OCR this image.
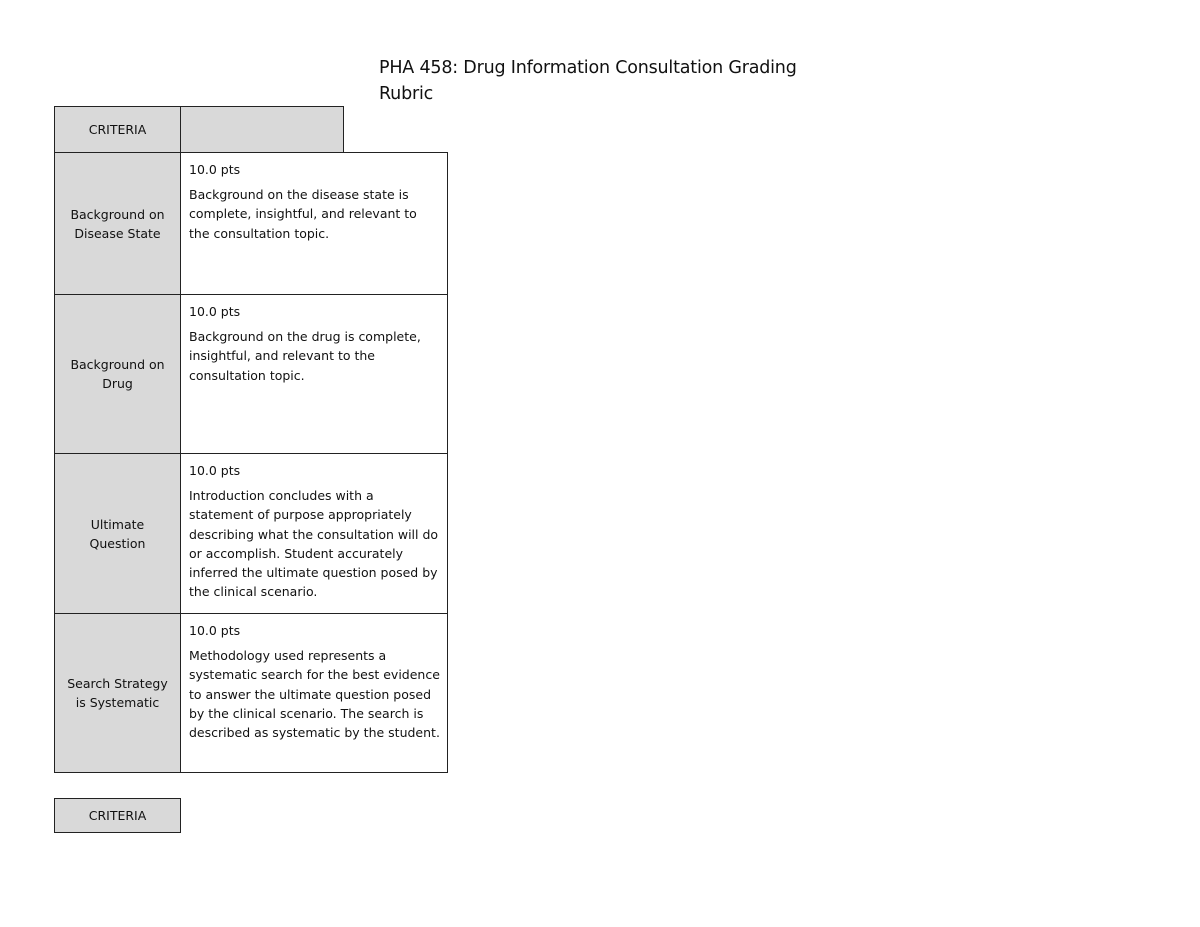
PHA 458: Drug Information Consultation Grading Rubric
CRITERIA
Background on Disease State
10.0 pts
Background on the disease state is complete, insightful, and relevant to the consultation topic.
Background on Drug
10.0 pts
Background on the drug is complete, insightful, and relevant to the consultation topic.
Ultimate Question
10.0 pts
Introduction concludes with a statement of purpose appropriately describing what the consultation will do or accomplish. Student accurately inferred the ultimate question posed by the clinical scenario.
Search Strategy is Systematic
10.0 pts
Methodology used represents a systematic search for the best evidence to answer the ultimate question posed by the clinical scenario. The search is described as systematic by the student.
CRITERIA
